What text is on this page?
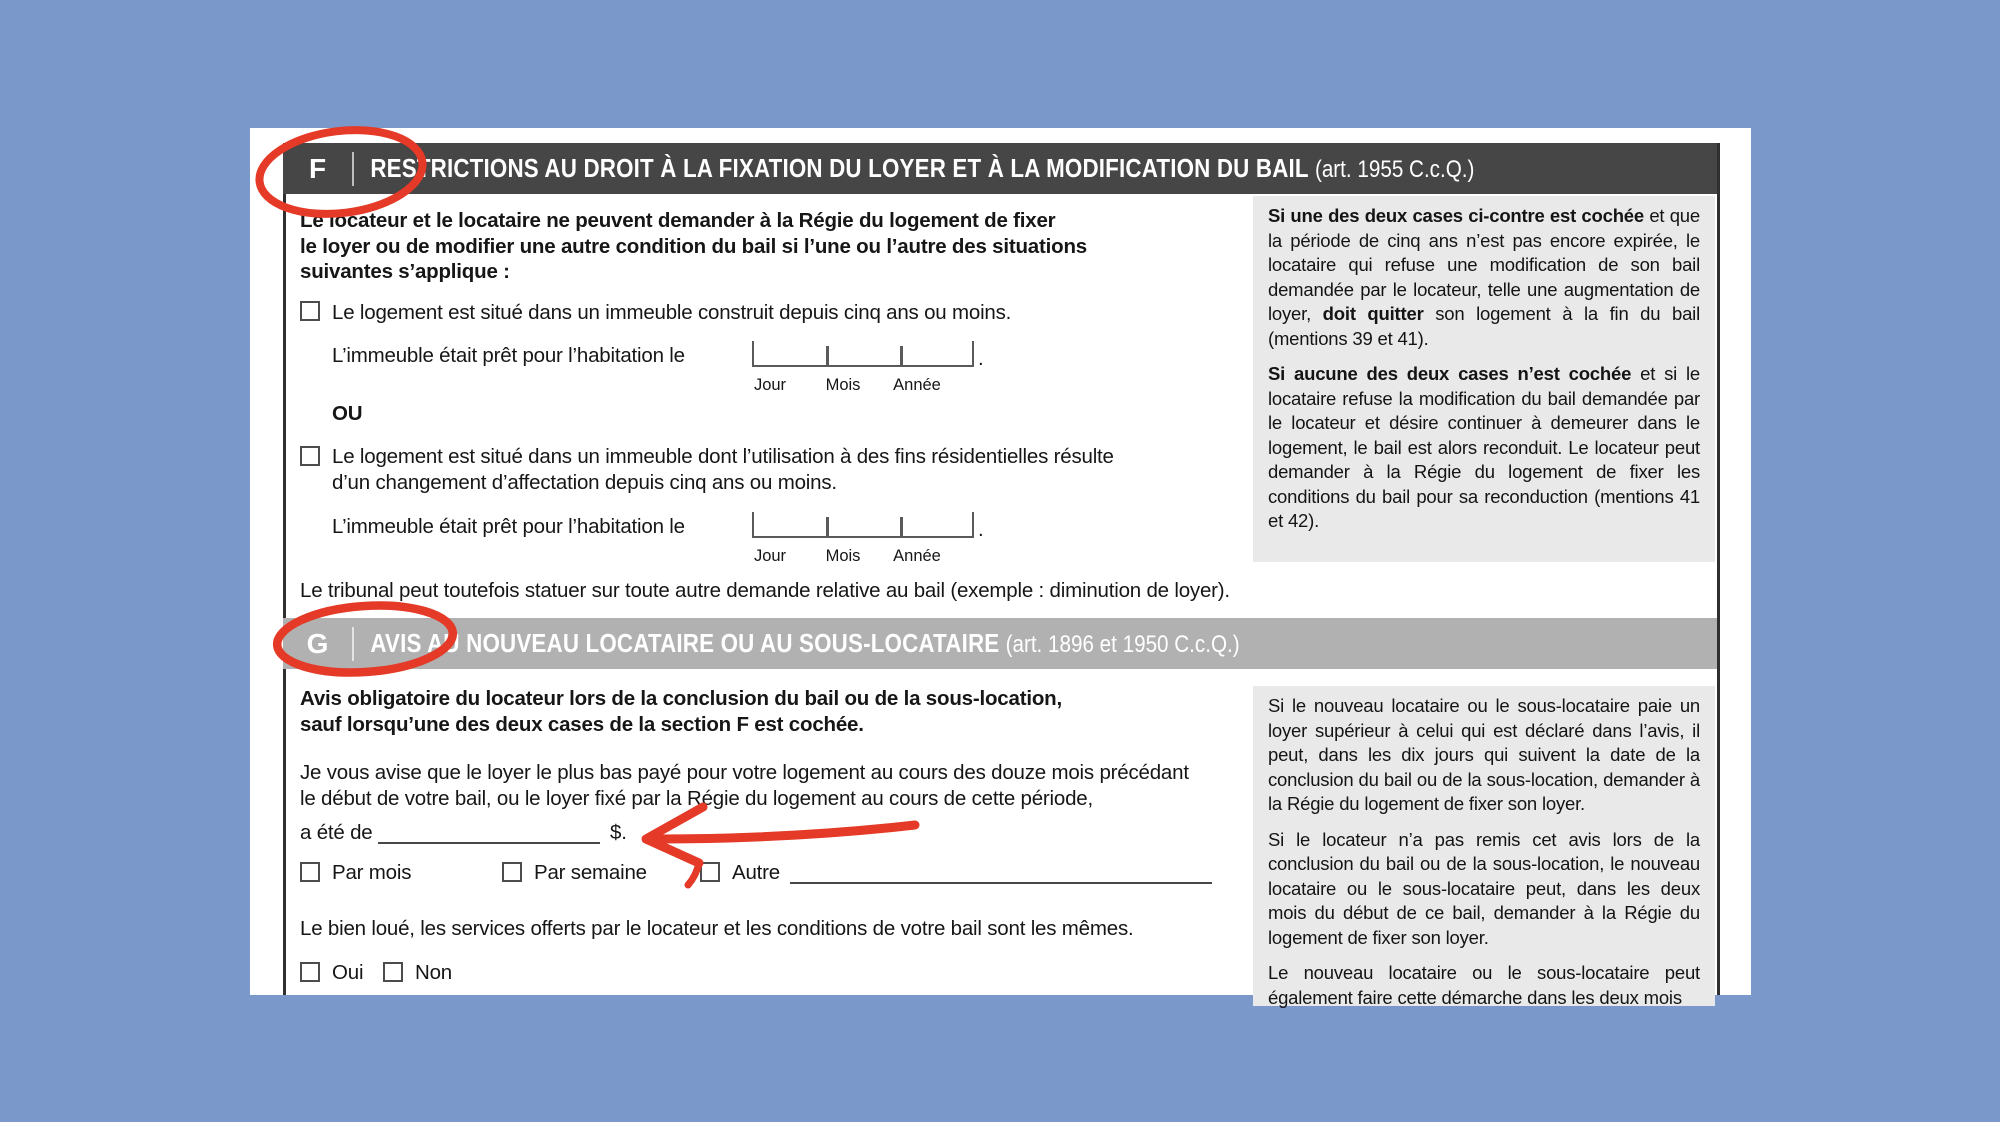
F	RESTRICTIONS AU DROIT À LA FIXATION DU LOYER ET À LA MODIFICATION DU BAIL (art. 1955 C.c.Q.)
Le locateur et le locataire ne peuvent demander à la Régie du logement de fixer
le loyer ou de modifier une autre condition du bail si l’une ou l’autre des situations
suivantes s’applique :
Le logement est situé dans un immeuble construit depuis cinq ans ou moins.
L’immeuble était prêt pour l’habitation le	.
Jour	Mois	Année
OU
Le logement est situé dans un immeuble dont l’utilisation à des fins résidentielles résulte
d’un changement d’affectation depuis cinq ans ou moins.
L’immeuble était prêt pour l’habitation le	.
Jour	Mois	Année
Le tribunal peut toutefois statuer sur toute autre demande relative au bail (exemple : diminution de loyer).

Si une des deux cases ci-contre est cochée et que la période de cinq ans n’est pas encore expirée, le locataire qui refuse une modification de son bail demandée par le locateur, telle une augmentation de loyer, doit quitter son logement à la fin du bail (mentions 39 et 41).

Si aucune des deux cases n’est cochée et si le locataire refuse la modification du bail demandée par le locateur et désire continuer à demeurer dans le logement, le bail est alors reconduit. Le locateur peut demander à la Régie du logement de fixer les conditions du bail pour sa reconduction (mentions 41 et 42).

G	AVIS AU NOUVEAU LOCATAIRE OU AU SOUS-LOCATAIRE (art. 1896 et 1950 C.c.Q.)
Avis obligatoire du locateur lors de la conclusion du bail ou de la sous-location,
sauf lorsqu’une des deux cases de la section F est cochée.
Je vous avise que le loyer le plus bas payé pour votre logement au cours des douze mois précédant
le début de votre bail, ou le loyer fixé par la Régie du logement au cours de cette période,
a été de	$.
Par mois	Par semaine	Autre
Le bien loué, les services offerts par le locateur et les conditions de votre bail sont les mêmes.
Oui	Non

Si le nouveau locataire ou le sous-locataire paie un loyer supérieur à celui qui est déclaré dans l’avis, il peut, dans les dix jours qui suivent la date de la conclusion du bail ou de la sous-location, demander à la Régie du logement de fixer son loyer.

Si le locateur n’a pas remis cet avis lors de la conclusion du bail ou de la sous-location, le nouveau locataire ou le sous-locataire peut, dans les deux mois du début de ce bail, demander à la Régie du logement de fixer son loyer.

Le nouveau locataire ou le sous-locataire peut
également faire cette démarche dans les deux mois
